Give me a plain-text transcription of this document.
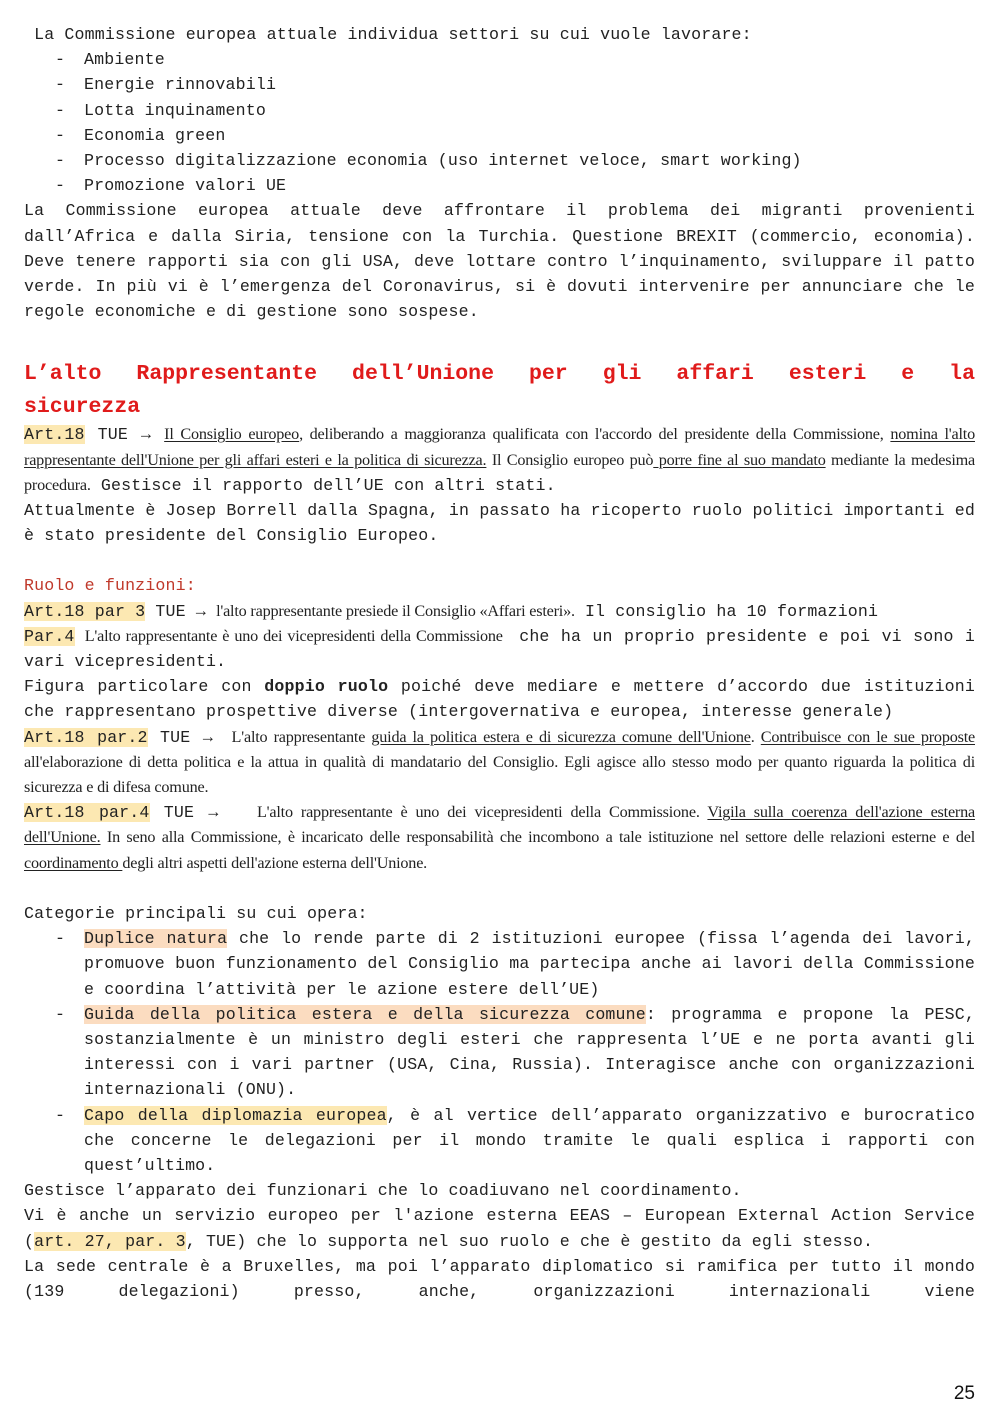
La Commissione europea attuale individua settori su cui vuole lavorare:

- Ambiente
- Energie rinnovabili
- Lotta inquinamento
- Economia green
- Processo digitalizzazione economia (uso internet veloce, smart working)
- Promozione valori UE

La Commissione europea attuale deve affrontare il problema dei migranti provenienti dall’Africa e dalla Siria, tensione con la Turchia. Questione BREXIT (commercio, economia). Deve tenere rapporti sia con gli USA, deve lottare contro l’inquinamento, sviluppare il patto verde. In più vi è l’emergenza del Coronavirus, si è dovuti intervenire per annunciare che le regole economiche e di gestione sono sospese.

L’alto Rappresentante dell’Unione per gli affari esteri e la
sicurezza

Art.18 TUE → Il Consiglio europeo, deliberando a maggioranza qualificata con l'accordo del presidente della Commissione, nomina l'alto rappresentante dell'Unione per gli affari esteri e la politica di sicurezza. Il Consiglio europeo può porre fine al suo mandato mediante la medesima procedura. Gestisce il rapporto dell’UE con altri stati.

Attualmente è Josep Borrell dalla Spagna, in passato ha ricoperto ruolo politici importanti ed è stato presidente del Consiglio Europeo.

Ruolo e funzioni:

Art.18 par 3 TUE → l'alto rappresentante presiede il Consiglio «Affari esteri». Il consiglio ha 10 formazioni

Par.4  L'alto rappresentante è uno dei vicepresidenti della Commissione  che ha un proprio presidente e poi vi sono i vari vicepresidenti.

Figura particolare con doppio ruolo poiché deve mediare e mettere d’accordo due istituzioni che rappresentano prospettive diverse (intergovernativa e europea, interesse generale)

Art.18 par.2 TUE →  L'alto rappresentante guida la politica estera e di sicurezza comune dell'Unione. Contribuisce con le sue proposte all'elaborazione di detta politica e la attua in qualità di mandatario del Consiglio. Egli agisce allo stesso modo per quanto riguarda la politica di sicurezza e di difesa comune.

Art.18 par.4 TUE →    L'alto rappresentante è uno dei vicepresidenti della Commissione. Vigila sulla coerenza dell'azione esterna dell'Unione. In seno alla Commissione, è incaricato delle responsabilità che incombono a tale istituzione nel settore delle relazioni esterne e del coordinamento degli altri aspetti dell'azione esterna dell'Unione.

Categorie principali su cui opera:

- Duplice natura che lo rende parte di 2 istituzioni europee (fissa l’agenda dei lavori, promuove buon funzionamento del Consiglio ma partecipa anche ai lavori della Commissione e coordina l’attività per le azione estere dell’UE)
- Guida della politica estera e della sicurezza comune: programma e propone la PESC, sostanzialmente è un ministro degli esteri che rappresenta l’UE e ne porta avanti gli interessi con i vari partner (USA, Cina, Russia). Interagisce anche con organizzazioni internazionali (ONU).
- Capo della diplomazia europea, è al vertice dell’apparato organizzativo e burocratico che concerne le delegazioni per il mondo tramite le quali esplica i rapporti con quest’ultimo.

Gestisce l’apparato dei funzionari che lo coadiuvano nel coordinamento.

Vi è anche un servizio europeo per l'azione esterna EEAS – European External Action Service (art. 27, par. 3, TUE) che lo supporta nel suo ruolo e che è gestito da egli stesso.

La sede centrale è a Bruxelles, ma poi l’apparato diplomatico si ramifica per tutto il mondo (139 delegazioni) presso, anche, organizzazioni internazionali viene

25
